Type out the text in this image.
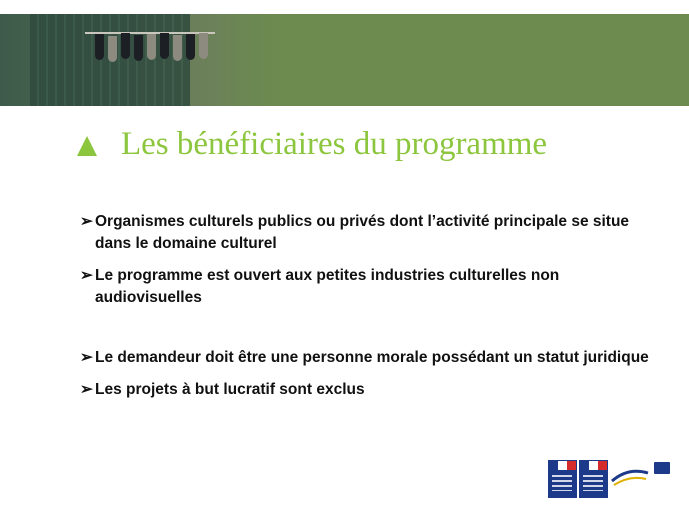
Les bénéficiaires du programme

➢ Organismes culturels publics ou privés dont l’activité principale se situe dans le domaine culturel

➢ Le programme est ouvert aux petites industries culturelles non audiovisuelles

➢ Le demandeur doit être une personne morale possédant un statut juridique

➢ Les projets à but lucratif sont exclus
